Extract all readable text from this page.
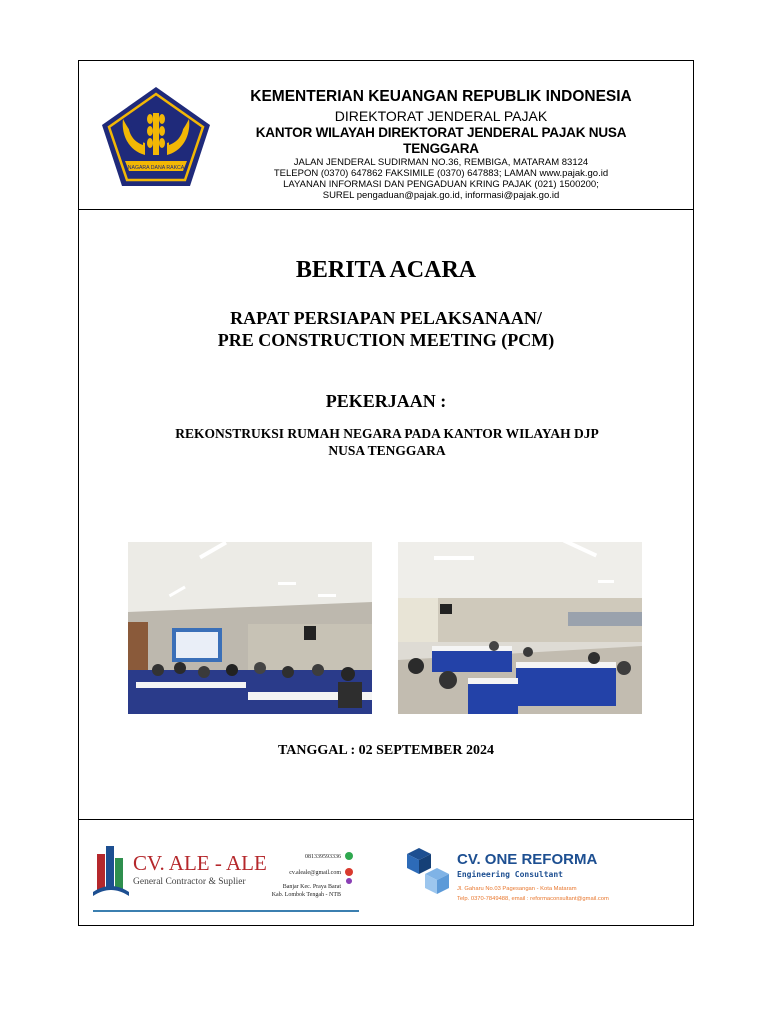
NAGARA DANA RAKCA
KEMENTERIAN KEUANGAN REPUBLIK INDONESIA
DIREKTORAT JENDERAL PAJAK
KANTOR WILAYAH DIREKTORAT JENDERAL PAJAK NUSA TENGGARA
JALAN JENDERAL SUDIRMAN NO.36, REMBIGA, MATARAM 83124
TELEPON (0370) 647862 FAKSIMILE (0370) 647883; LAMAN www.pajak.go.id
LAYANAN INFORMASI DAN PENGADUAN KRING PAJAK (021) 1500200;
SUREL pengaduan@pajak.go.id, informasi@pajak.go.id
BERITA ACARA
RAPAT PERSIAPAN PELAKSANAAN/
PRE CONSTRUCTION MEETING (PCM)
PEKERJAAN :
REKONSTRUKSI RUMAH NEGARA PADA KANTOR WILAYAH DJP
NUSA TENGGARA
TANGGAL : 02 SEPTEMBER 2024
CV. ALE - ALE
General Contractor & Suplier
081339593336
cv.aleale@gmail.com
Banjar Kec. Praya Barat
Kab. Lombok Tengah - NTB
CV. ONE REFORMA
Engineering Consultant
Jl. Gaharu No.03 Pagesangan - Kota Mataram
Telp. 0370-7849488, email : reformaconsultant@gmail.com
